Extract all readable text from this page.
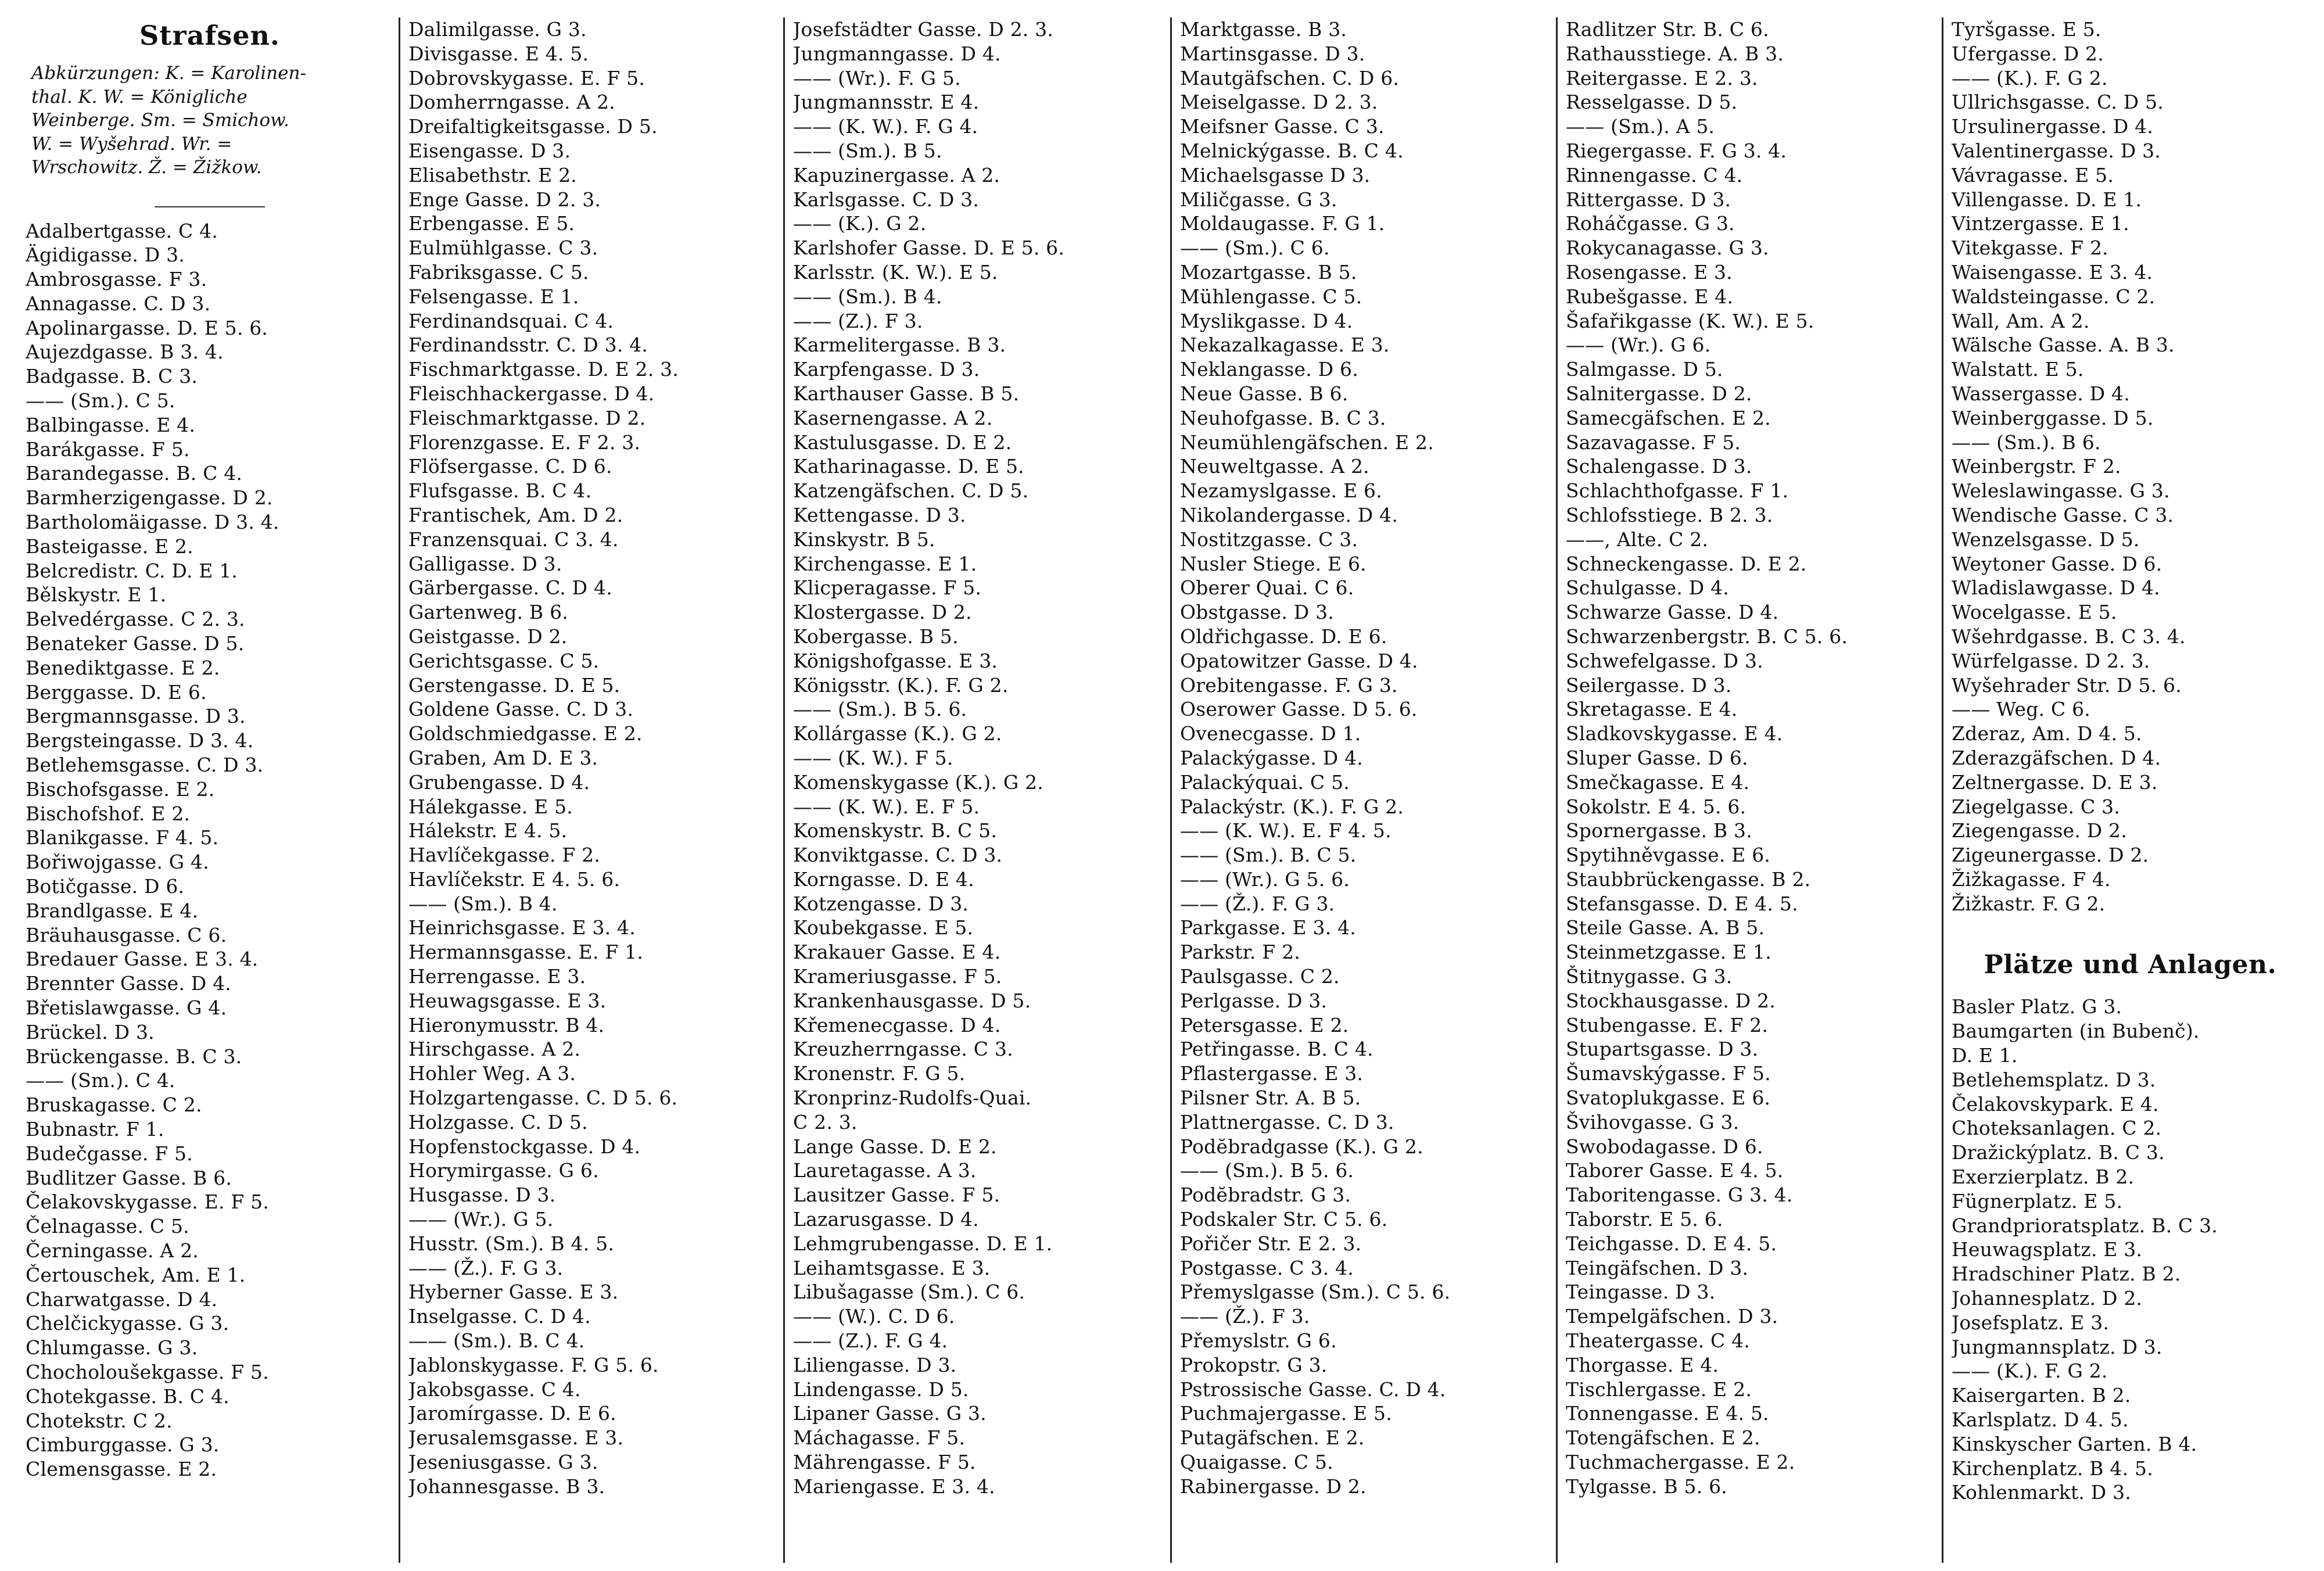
Strafsen.
Abkürzungen: K. = Karolinen-
thal. K. W. = Königliche
Weinberge. Sm. = Smichow.
W. = Wyšehrad. Wr. =
Wrschowitz. Ž. = Žižkow.
Adalbertgasse. C 4.
Ägidigasse. D 3.
Ambrosgasse. F 3.
Annagasse. C. D 3.
Apolinargasse. D. E 5. 6.
Aujezdgasse. B 3. 4.
Badgasse. B. C 3.
—— (Sm.). C 5.
Balbingasse. E 4.
Barákgasse. F 5.
Barandegasse. B. C 4.
Barmherzigengasse. D 2.
Bartholomäigasse. D 3. 4.
Basteigasse. E 2.
Belcredistr. C. D. E 1.
Bělskystr. E 1.
Belvedérgasse. C 2. 3.
Benateker Gasse. D 5.
Benediktgasse. E 2.
Berggasse. D. E 6.
Bergmannsgasse. D 3.
Bergsteingasse. D 3. 4.
Betlehemsgasse. C. D 3.
Bischofsgasse. E 2.
Bischofshof. E 2.
Blanikgasse. F 4. 5.
Bořiwojgasse. G 4.
Botičgasse. D 6.
Brandlgasse. E 4.
Bräuhausgasse. C 6.
Bredauer Gasse. E 3. 4.
Brennter Gasse. D 4.
Břetislawgasse. G 4.
Brückel. D 3.
Brückengasse. B. C 3.
—— (Sm.). C 4.
Bruskagasse. C 2.
Bubnastr. F 1.
Budečgasse. F 5.
Budlitzer Gasse. B 6.
Čelakovskygasse. E. F 5.
Čelnagasse. C 5.
Černingasse. A 2.
Čertouschek, Am. E 1.
Charwatgasse. D 4.
Chelčickygasse. G 3.
Chlumgasse. G 3.
Chocholoušekgasse. F 5.
Chotekgasse. B. C 4.
Chotekstr. C 2.
Cimburggasse. G 3.
Clemensgasse. E 2.
Dalimilgasse. G 3.
Divisgasse. E 4. 5.
Dobrovskygasse. E. F 5.
Domherrngasse. A 2.
Dreifaltigkeitsgasse. D 5.
Eisengasse. D 3.
Elisabethstr. E 2.
Enge Gasse. D 2. 3.
Erbengasse. E 5.
Eulmühlgasse. C 3.
Fabriksgasse. C 5.
Felsengasse. E 1.
Ferdinandsquai. C 4.
Ferdinandsstr. C. D 3. 4.
Fischmarktgasse. D. E 2. 3.
Fleischhackergasse. D 4.
Fleischmarktgasse. D 2.
Florenzgasse. E. F 2. 3.
Flöfsergasse. C. D 6.
Flufsgasse. B. C 4.
Frantischek, Am. D 2.
Franzensquai. C 3. 4.
Galligasse. D 3.
Gärbergasse. C. D 4.
Gartenweg. B 6.
Geistgasse. D 2.
Gerichtsgasse. C 5.
Gerstengasse. D. E 5.
Goldene Gasse. C. D 3.
Goldschmiedgasse. E 2.
Graben, Am D. E 3.
Grubengasse. D 4.
Hálekgasse. E 5.
Hálekstr. E 4. 5.
Havlíčekgasse. F 2.
Havlíčekstr. E 4. 5. 6.
—— (Sm.). B 4.
Heinrichsgasse. E 3. 4.
Hermannsgasse. E. F 1.
Herrengasse. E 3.
Heuwagsgasse. E 3.
Hieronymusstr. B 4.
Hirschgasse. A 2.
Hohler Weg. A 3.
Holzgartengasse. C. D 5. 6.
Holzgasse. C. D 5.
Hopfenstockgasse. D 4.
Horymirgasse. G 6.
Husgasse. D 3.
—— (Wr.). G 5.
Husstr. (Sm.). B 4. 5.
—— (Ž.). F. G 3.
Hyberner Gasse. E 3.
Inselgasse. C. D 4.
—— (Sm.). B. C 4.
Jablonskygasse. F. G 5. 6.
Jakobsgasse. C 4.
Jaromírgasse. D. E 6.
Jerusalemsgasse. E 3.
Jeseniusgasse. G 3.
Johannesgasse. B 3.
Josefstädter Gasse. D 2. 3.
Jungmanngasse. D 4.
—— (Wr.). F. G 5.
Jungmannsstr. E 4.
—— (K. W.). F. G 4.
—— (Sm.). B 5.
Kapuzinergasse. A 2.
Karlsgasse. C. D 3.
—— (K.). G 2.
Karlshofer Gasse. D. E 5. 6.
Karlsstr. (K. W.). E 5.
—— (Sm.). B 4.
—— (Z.). F 3.
Karmelitergasse. B 3.
Karpfengasse. D 3.
Karthauser Gasse. B 5.
Kasernengasse. A 2.
Kastulusgasse. D. E 2.
Katharinagasse. D. E 5.
Katzengäfschen. C. D 5.
Kettengasse. D 3.
Kinskystr. B 5.
Kirchengasse. E 1.
Klicperagasse. F 5.
Klostergasse. D 2.
Kobergasse. B 5.
Königshofgasse. E 3.
Königsstr. (K.). F. G 2.
—— (Sm.). B 5. 6.
Kollárgasse (K.). G 2.
—— (K. W.). F 5.
Komenskygasse (K.). G 2.
—— (K. W.). E. F 5.
Komenskystr. B. C 5.
Konviktgasse. C. D 3.
Korngasse. D. E 4.
Kotzengasse. D 3.
Koubekgasse. E 5.
Krakauer Gasse. E 4.
Krameriusgasse. F 5.
Krankenhausgasse. D 5.
Křemenecgasse. D 4.
Kreuzherrngasse. C 3.
Kronenstr. F. G 5.
Kronprinz-Rudolfs-Quai.
C 2. 3.
Lange Gasse. D. E 2.
Lauretagasse. A 3.
Lausitzer Gasse. F 5.
Lazarusgasse. D 4.
Lehmgrubengasse. D. E 1.
Leihamtsgasse. E 3.
Libušagasse (Sm.). C 6.
—— (W.). C. D 6.
—— (Z.). F. G 4.
Liliengasse. D 3.
Lindengasse. D 5.
Lipaner Gasse. G 3.
Máchagasse. F 5.
Mährengasse. F 5.
Mariengasse. E 3. 4.
Marktgasse. B 3.
Martinsgasse. D 3.
Mautgäfschen. C. D 6.
Meiselgasse. D 2. 3.
Meifsner Gasse. C 3.
Melnickýgasse. B. C 4.
Michaelsgasse D 3.
Miličgasse. G 3.
Moldaugasse. F. G 1.
—— (Sm.). C 6.
Mozartgasse. B 5.
Mühlengasse. C 5.
Myslikgasse. D 4.
Nekazalkagasse. E 3.
Neklangasse. D 6.
Neue Gasse. B 6.
Neuhofgasse. B. C 3.
Neumühlengäfschen. E 2.
Neuweltgasse. A 2.
Nezamyslgasse. E 6.
Nikolandergasse. D 4.
Nostitzgasse. C 3.
Nusler Stiege. E 6.
Oberer Quai. C 6.
Obstgasse. D 3.
Oldřichgasse. D. E 6.
Opatowitzer Gasse. D 4.
Orebitengasse. F. G 3.
Oserower Gasse. D 5. 6.
Ovenecgasse. D 1.
Palackýgasse. D 4.
Palackýquai. C 5.
Palackýstr. (K.). F. G 2.
—— (K. W.). E. F 4. 5.
—— (Sm.). B. C 5.
—— (Wr.). G 5. 6.
—— (Ž.). F. G 3.
Parkgasse. E 3. 4.
Parkstr. F 2.
Paulsgasse. C 2.
Perlgasse. D 3.
Petersgasse. E 2.
Petřingasse. B. C 4.
Pflastergasse. E 3.
Pilsner Str. A. B 5.
Plattnergasse. C. D 3.
Podĕbradgasse (K.). G 2.
—— (Sm.). B 5. 6.
Podĕbradstr. G 3.
Podskaler Str. C 5. 6.
Pořičer Str. E 2. 3.
Postgasse. C 3. 4.
Přemyslgasse (Sm.). C 5. 6.
—— (Ž.). F 3.
Přemyslstr. G 6.
Prokopstr. G 3.
Pstrossische Gasse. C. D 4.
Puchmajergasse. E 5.
Putagäfschen. E 2.
Quaigasse. C 5.
Rabinergasse. D 2.
Radlitzer Str. B. C 6.
Rathausstiege. A. B 3.
Reitergasse. E 2. 3.
Resselgasse. D 5.
—— (Sm.). A 5.
Riegergasse. F. G 3. 4.
Rinnengasse. C 4.
Rittergasse. D 3.
Roháčgasse. G 3.
Rokycanagasse. G 3.
Rosengasse. E 3.
Rubešgasse. E 4.
Šafařikgasse (K. W.). E 5.
—— (Wr.). G 6.
Salmgasse. D 5.
Salnitergasse. D 2.
Samecgäfschen. E 2.
Sazavagasse. F 5.
Schalengasse. D 3.
Schlachthofgasse. F 1.
Schlofsstiege. B 2. 3.
——, Alte. C 2.
Schneckengasse. D. E 2.
Schulgasse. D 4.
Schwarze Gasse. D 4.
Schwarzenbergstr. B. C 5. 6.
Schwefelgasse. D 3.
Seilergasse. D 3.
Skretagasse. E 4.
Sladkovskygasse. E 4.
Sluper Gasse. D 6.
Smečkagasse. E 4.
Sokolstr. E 4. 5. 6.
Spornergasse. B 3.
Spytihněvgasse. E 6.
Staubbrückengasse. B 2.
Stefansgasse. D. E 4. 5.
Steile Gasse. A. B 5.
Steinmetzgasse. E 1.
Štitnygasse. G 3.
Stockhausgasse. D 2.
Stubengasse. E. F 2.
Stupartsgasse. D 3.
Šumavskýgasse. F 5.
Svatoplukgasse. E 6.
Švihovgasse. G 3.
Swobodagasse. D 6.
Taborer Gasse. E 4. 5.
Taboritengasse. G 3. 4.
Taborstr. E 5. 6.
Teichgasse. D. E 4. 5.
Teingäfschen. D 3.
Teingasse. D 3.
Tempelgäfschen. D 3.
Theatergasse. C 4.
Thorgasse. E 4.
Tischlergasse. E 2.
Tonnengasse. E 4. 5.
Totengäfschen. E 2.
Tuchmachergasse. E 2.
Tylgasse. B 5. 6.
Tyršgasse. E 5.
Ufergasse. D 2.
—— (K.). F. G 2.
Ullrichsgasse. C. D 5.
Ursulinergasse. D 4.
Valentinergasse. D 3.
Vávragasse. E 5.
Villengasse. D. E 1.
Vintzergasse. E 1.
Vitekgasse. F 2.
Waisengasse. E 3. 4.
Waldsteingasse. C 2.
Wall, Am. A 2.
Wälsche Gasse. A. B 3.
Walstatt. E 5.
Wassergasse. D 4.
Weinberggasse. D 5.
—— (Sm.). B 6.
Weinbergstr. F 2.
Weleslawingasse. G 3.
Wendische Gasse. C 3.
Wenzelsgasse. D 5.
Weytoner Gasse. D 6.
Wladislawgasse. D 4.
Wocelgasse. E 5.
Wšehrdgasse. B. C 3. 4.
Würfelgasse. D 2. 3.
Wyšehrader Str. D 5. 6.
—— Weg. C 6.
Zderaz, Am. D 4. 5.
Zderazgäfschen. D 4.
Zeltnergasse. D. E 3.
Ziegelgasse. C 3.
Ziegengasse. D 2.
Zigeunergasse. D 2.
Žižkagasse. F 4.
Žižkastr. F. G 2.
Plätze und Anlagen.
Basler Platz. G 3.
Baumgarten (in Bubenč).
D. E 1.
Betlehemsplatz. D 3.
Čelakovskypark. E 4.
Choteksanlagen. C 2.
Dražickýplatz. B. C 3.
Exerzierplatz. B 2.
Fügnerplatz. E 5.
Grandprioratsplatz. B. C 3.
Heuwagsplatz. E 3.
Hradschiner Platz. B 2.
Johannesplatz. D 2.
Josefsplatz. E 3.
Jungmannsplatz. D 3.
—— (K.). F. G 2.
Kaisergarten. B 2.
Karlsplatz. D 4. 5.
Kinskyscher Garten. B 4.
Kirchenplatz. B 4. 5.
Kohlenmarkt. D 3.
